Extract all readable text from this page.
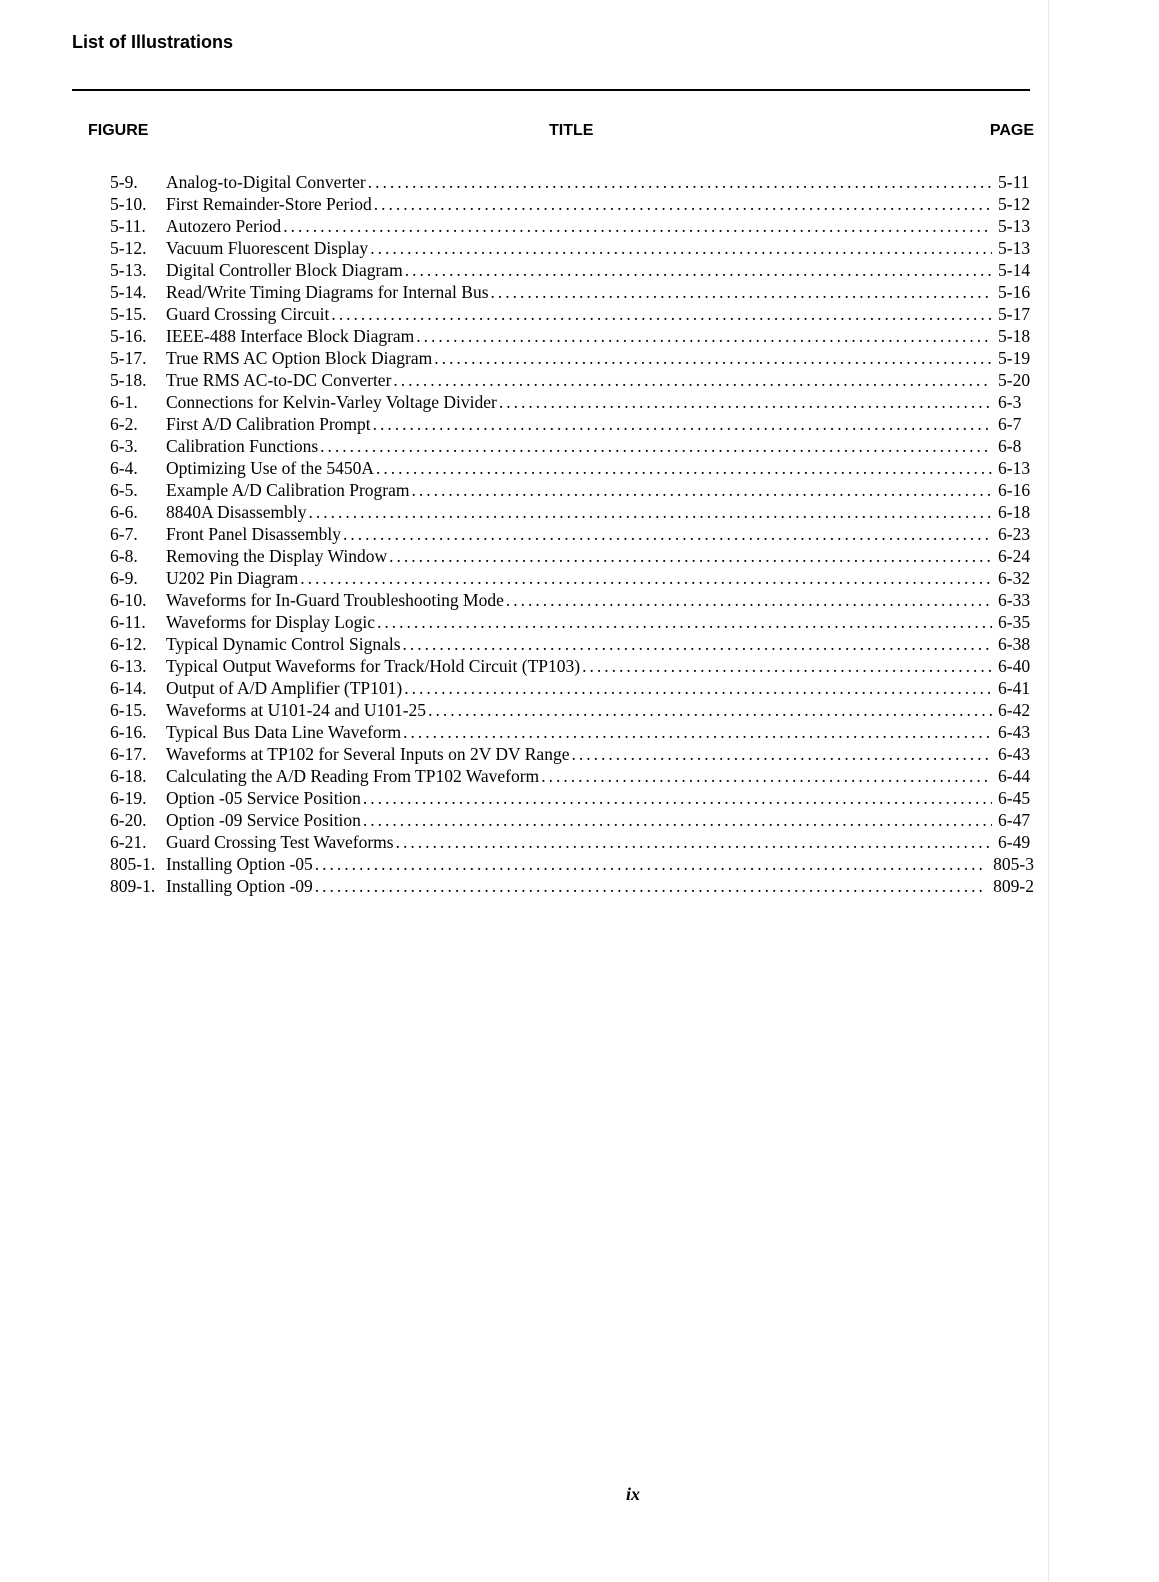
List of Illustrations
FIGURE	TITLE	PAGE
5-9.	Analog-to-Digital Converter .....	5-11
5-10.	First Remainder-Store Period .....	5-12
5-11.	Autozero Period .....	5-13
5-12.	Vacuum Fluorescent Display .....	5-13
5-13.	Digital Controller Block Diagram .....	5-14
5-14.	Read/Write Timing Diagrams for Internal Bus .....	5-16
5-15.	Guard Crossing Circuit .....	5-17
5-16.	IEEE-488 Interface Block Diagram .....	5-18
5-17.	True RMS AC Option Block Diagram .....	5-19
5-18.	True RMS AC-to-DC Converter .....	5-20
6-1.	Connections for Kelvin-Varley Voltage Divider .....	6-3
6-2.	First A/D Calibration Prompt .....	6-7
6-3.	Calibration Functions .....	6-8
6-4.	Optimizing Use of the 5450A .....	6-13
6-5.	Example A/D Calibration Program .....	6-16
6-6.	8840A Disassembly .....	6-18
6-7.	Front Panel Disassembly .....	6-23
6-8.	Removing the Display Window .....	6-24
6-9.	U202 Pin Diagram .....	6-32
6-10.	Waveforms for In-Guard Troubleshooting Mode .....	6-33
6-11.	Waveforms for Display Logic .....	6-35
6-12.	Typical Dynamic Control Signals .....	6-38
6-13.	Typical Output Waveforms for Track/Hold Circuit (TP103) .....	6-40
6-14.	Output of A/D Amplifier (TP101) .....	6-41
6-15.	Waveforms at U101-24 and U101-25 .....	6-42
6-16.	Typical Bus Data Line Waveform .....	6-43
6-17.	Waveforms at TP102 for Several Inputs on 2V DV Range .....	6-43
6-18.	Calculating the A/D Reading From TP102 Waveform .....	6-44
6-19.	Option -05 Service Position .....	6-45
6-20.	Option -09 Service Position .....	6-47
6-21.	Guard Crossing Test Waveforms .....	6-49
805-1. Installing Option -05 .....	805-3
809-1. Installing Option -09 .....	809-2
ix
